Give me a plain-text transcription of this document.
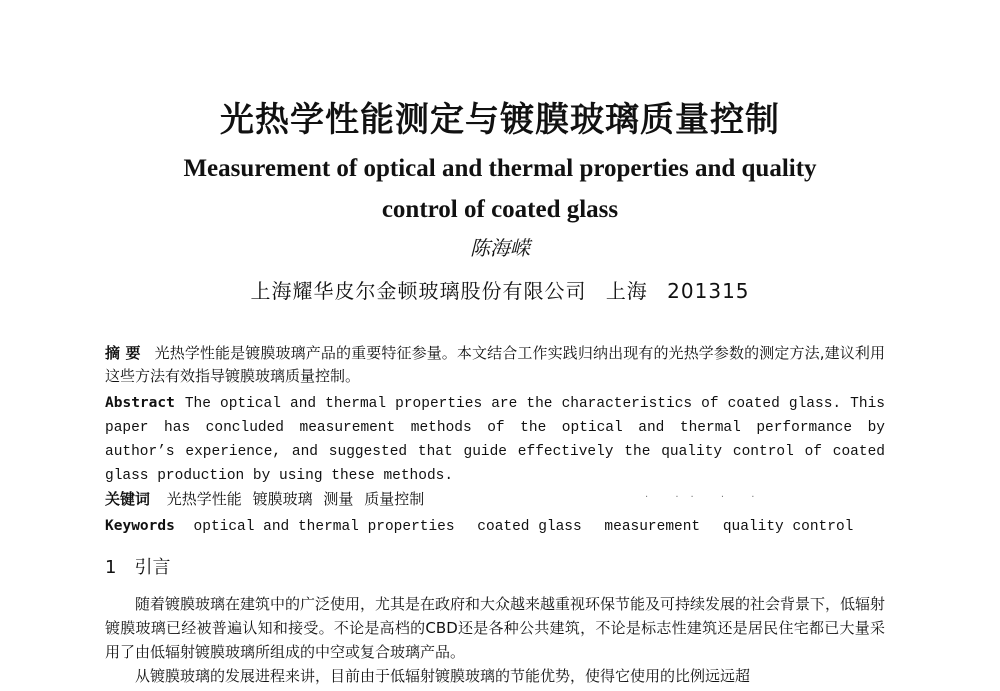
光热学性能测定与镀膜玻璃质量控制
Measurement of optical and thermal properties and quality
control of coated glass
陈海嵘
上海耀华皮尔金顿玻璃股份有限公司 上海 201315
摘 要 光热学性能是镀膜玻璃产品的重要特征参量。本文结合工作实践归纳出现有的光热学参数的测定方法,建议利用这些方法有效指导镀膜玻璃质量控制。
Abstract The optical and thermal properties are the characteristics of coated glass. This paper has concluded measurement methods of the optical and thermal performance by author’s experience, and suggested that guide effectively the quality control of coated glass production by using these methods.
关键词 光热学性能 镀膜玻璃 测量 质量控制	. .. . .
Keywords optical and thermal properties coated glass measurement quality control
1 引言

随着镀膜玻璃在建筑中的广泛使用，尤其是在政府和大众越来越重视环保节能及可持续发展的社会背景下，低辐射镀膜玻璃已经被普遍认知和接受。不论是高档的CBD还是各种公共建筑，不论是标志性建筑还是居民住宅都已大量采用了由低辐射镀膜玻璃所组成的中空或复合玻璃产品。

从镀膜玻璃的发展进程来讲，目前由于低辐射镀膜玻璃的节能优势，使得它使用的比例远远超
